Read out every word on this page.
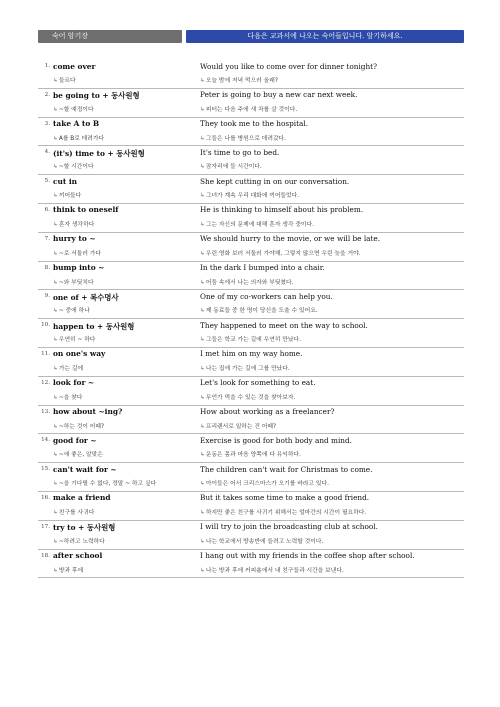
숙어 암기장	다음은 교과서에 나오는 숙어들입니다. 암기하세요.
1. come over
↳들르다
Would you like to come over for dinner tonight?
↳오늘 밤에 저녁 먹으러 올래?
2. be going to + 동사원형
↳~할 예정이다
Peter is going to buy a new car next week.
↳피터는 다음 주에 새 차를 살 것이다.
3. take A to B
↳A를 B로 데려가다
They took me to the hospital.
↳그들은 나를 병원으로 데려갔다.
4. (it's) time to + 동사원형
↳~할 시간이다
It's time to go to bed.
↳잠자리에 들 시간이다.
5. cut in
↳끼어들다
She kept cutting in on our conversation.
↳그녀가 계속 우리 대화에 끼어들었다.
6. think to oneself
↳혼자 생각하다
He is thinking to himself about his problem.
↳그는 자신의 문제에 대해 혼자 생각 중이다.
7. hurry to ~
↳~로 서둘러 가다
We should hurry to the movie, or we will be late.
↳우린 영화 보러 서둘러 가야해, 그렇지 않으면 우린 늦을 거야.
8. bump into ~
↳~와 부딪치다
In the dark I bumped into a chair.
↳어둠 속에서 나는 의자와 부딪쳤다.
9. one of + 복수명사
↳~ 중에 하나
One of my co-workers can help you.
↳제 동료들 중 한 명이 당신을 도울 수 있어요.
10. happen to + 동사원형
↳우연히 ~ 하다
They happened to meet on the way to school.
↳그들은 학교 가는 길에 우연히 만났다.
11. on one's way
↳가는 길에
I met him on my way home.
↳나는 집에 가는 길에 그를 만났다.
12. look for ~
↳~을 찾다
Let's look for something to eat.
↳무언가 먹을 수 있는 것을 찾아보자.
13. how about ~ing?
↳~하는 것이 어때?
How about working as a freelancer?
↳프리랜서로 일하는 건 어때?
14. good for ~
↳~에 좋은, 알맞은
Exercise is good for both body and mind.
↳운동은 몸과 마음 양쪽에 다 유익하다.
15. can't wait for ~
↳~을 기다릴 수 없다, 정말 ~ 하고 싶다
The children can't wait for Christmas to come.
↳아이들은 어서 크리스마스가 오기를 바라고 있다.
16. make a friend
↳친구를 사귀다
But it takes some time to make a good friend.
↳하지만 좋은 친구를 사귀기 위해서는 얼마간의 시간이 필요하다.
17. try to + 동사원형
↳~하려고 노력하다
I will try to join the broadcasting club at school.
↳나는 학교에서 방송반에 들려고 노력할 것이다.
18. after school
↳방과 후에
I hang out with my friends in the coffee shop after school.
↳나는 방과 후에 커피숍에서 내 친구들과 시간을 보낸다.
